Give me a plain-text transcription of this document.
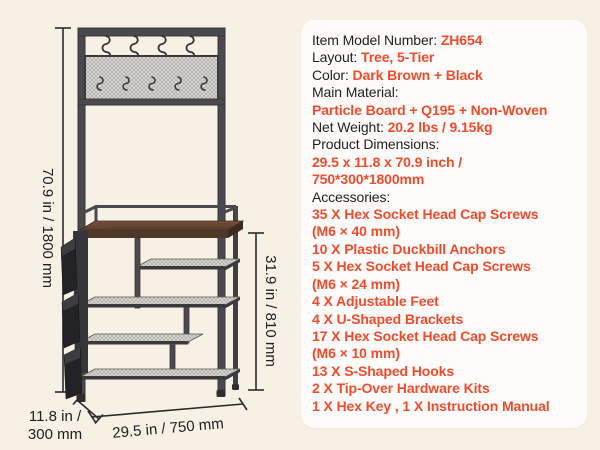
70.9 in / 1800 mm
31.9 in / 810 mm
29.5 in / 750 mm
11.8 in /
300 mm
Item Model Number: ZH654
Layout: Tree, 5-Tier
Color: Dark Brown + Black
Main Material:
Particle Board + Q195 + Non-Woven
Net Weight: 20.2 lbs / 9.15kg
Product Dimensions:
29.5 x 11.8 x 70.9 inch /
750*300*1800mm
Accessories:
35 X Hex Socket Head Cap Screws
(M6 × 40 mm)
10 X Plastic Duckbill Anchors
5 X Hex Socket Head Cap Screws
(M6 × 24 mm)
4 X Adjustable Feet
4 X U-Shaped Brackets
17 X Hex Socket Head Cap Screws
(M6 × 10 mm)
13 X S-Shaped Hooks
2 X Tip-Over Hardware Kits
1 X Hex Key , 1 X Instruction Manual
